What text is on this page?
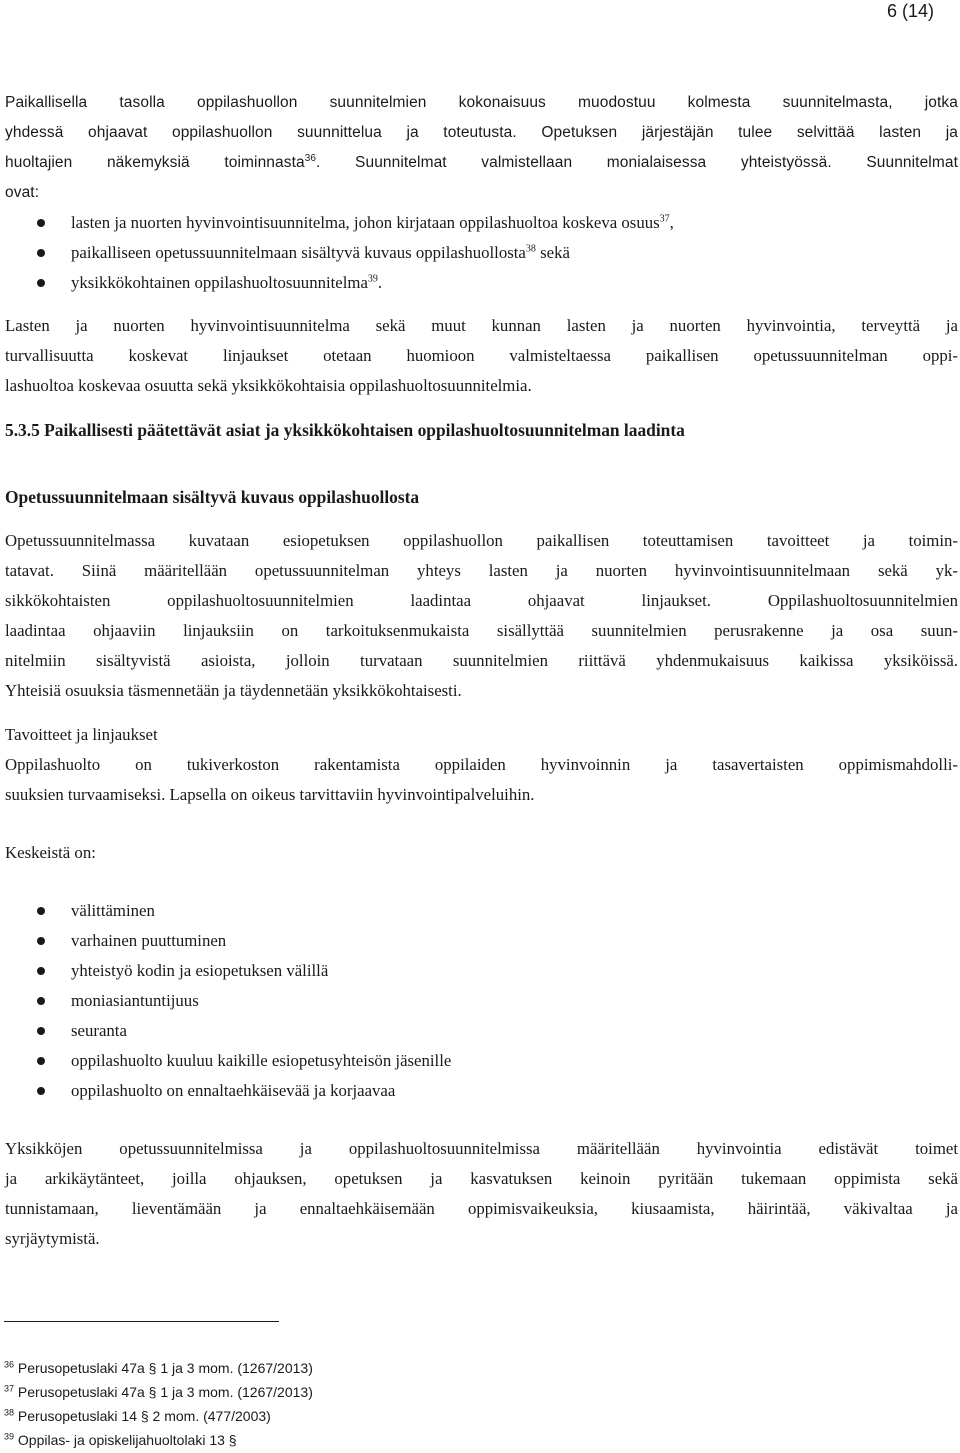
6 (14)

Paikallisella tasolla oppilashuollon suunnitelmien kokonaisuus muodostuu kolmesta suunnitelmasta, jotka

yhdessä ohjaavat oppilashuollon suunnittelua ja toteutusta. Opetuksen järjestäjän tulee selvittää lasten ja

huoltajien näkemyksiä toiminnasta$^{36}$. Suunnitelmat valmistellaan monialaisessa yhteistyössä. Suunnitelmat

ovat:

lasten ja nuorten hyvinvointisuunnitelma, johon kirjataan oppilashuoltoa koskeva osuus$^{37}$,
paikalliseen opetussuunnitelmaan sisältyvä kuvaus oppilashuollosta$^{38}$ sekä
yksikkökohtainen oppilashuoltosuunnitelma$^{39}$.

Lasten ja nuorten hyvinvointisuunnitelma sekä muut kunnan lasten ja nuorten hyvinvointia, terveyttä ja

turvallisuutta koskevat linjaukset otetaan huomioon valmisteltaessa paikallisen opetussuunnitelman oppi-

lashuoltoa koskevaa osuutta sekä yksikkökohtaisia oppilashuoltosuunnitelmia.

5.3.5 Paikallisesti päätettävät asiat ja yksikkökohtaisen oppilashuoltosuunnitelman laadinta
Opetussuunnitelmaan sisältyvä kuvaus oppilashuollosta

Opetussuunnitelmassa kuvataan esiopetuksen oppilashuollon paikallisen toteuttamisen tavoitteet ja toimin-

tatavat. Siinä määritellään opetussuunnitelman yhteys lasten ja nuorten hyvinvointisuunnitelmaan sekä yk-

sikkökohtaisten oppilashuoltosuunnitelmien laadintaa ohjaavat linjaukset. Oppilashuoltosuunnitelmien

laadintaa ohjaaviin linjauksiin on tarkoituksenmukaista sisällyttää suunnitelmien perusrakenne ja osa suun-

nitelmiin sisältyvistä asioista, jolloin turvataan suunnitelmien riittävä yhdenmukaisuus kaikissa yksiköissä.

Yhteisiä osuuksia täsmennetään ja täydennetään yksikkökohtaisesti.

Tavoitteet ja linjaukset

Oppilashuolto on tukiverkoston rakentamista oppilaiden hyvinvoinnin ja tasavertaisten oppimismahdolli-

suuksien turvaamiseksi. Lapsella on oikeus tarvittaviin hyvinvointipalveluihin.

Keskeistä on:

välittäminen
varhainen puuttuminen
yhteistyö kodin ja esiopetuksen välillä
moniasiantuntijuus
seuranta
oppilashuolto kuuluu kaikille esiopetusyhteisön jäsenille
oppilashuolto on ennaltaehkäisevää ja korjaavaa

Yksikköjen opetussuunnitelmissa ja oppilashuoltosuunnitelmissa määritellään hyvinvointia edistävät toimet

ja arkikäytänteet, joilla ohjauksen, opetuksen ja kasvatuksen keinoin pyritään tukemaan oppimista sekä

tunnistamaan, lieventämään ja ennaltaehkäisemään oppimisvaikeuksia, kiusaamista, häirintää, väkivaltaa ja

syrjäytymistä.

$^{36}$ Perusopetuslaki 47a § 1 ja 3 mom. (1267/2013)
$^{37}$ Perusopetuslaki 47a § 1 ja 3 mom. (1267/2013)
$^{38}$ Perusopetuslaki 14 § 2 mom. (477/2003)
$^{39}$ Oppilas- ja opiskelijahuoltolaki 13 §
